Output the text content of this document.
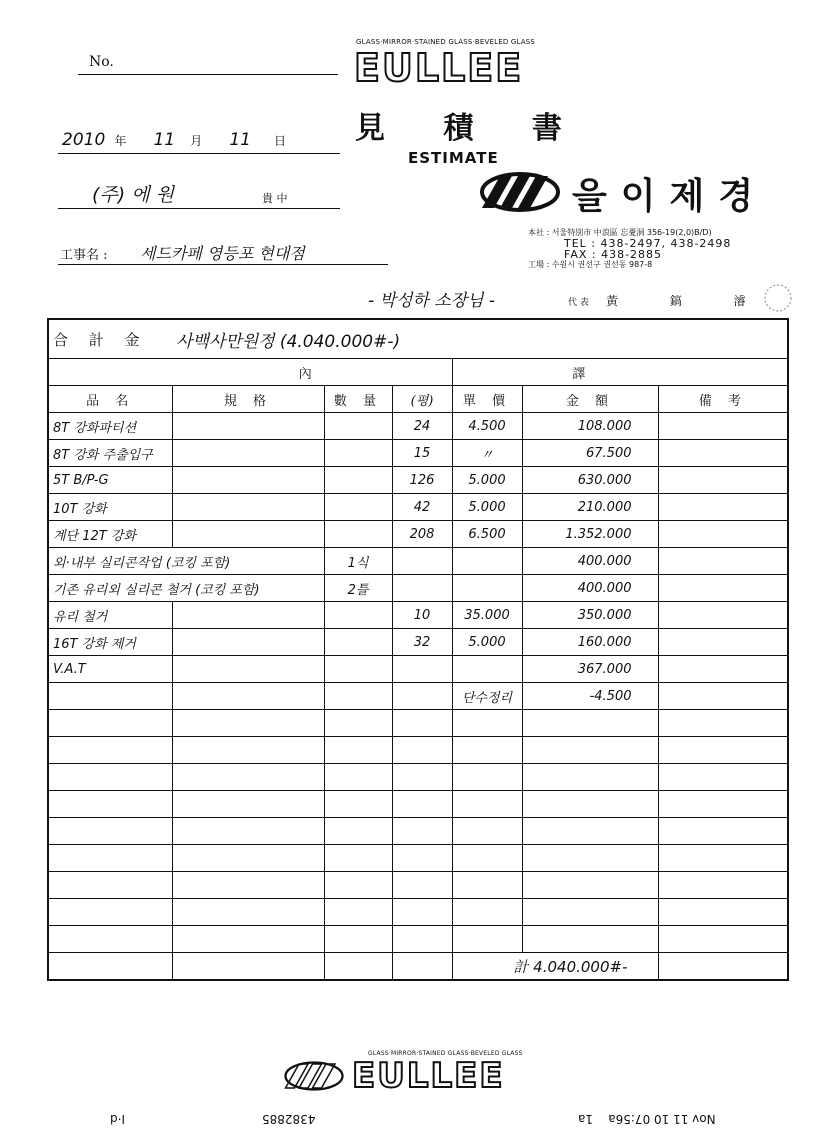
No.
2010 年 11 月 11 日
(주) 에 원	貴 中
工事名 : 세드카페 영등포 현대점
GLASS·MIRROR·STAINED GLASS·BEVELED GLASS
EULLEE
見 積 書
ESTIMATE
을이제경
本社 : 서울特別市 中浪區 忘憂洞 356-19(2,0)B/D)
TEL : 438-2497, 438-2498
FAX : 438-2885
工場 : 수원시 권선구 권선동 987-8
- 박성하 소장님 -	代 表 黃 鎬 濬
合 計 金	사백사만원정 (4.040.000#-)					
內				譯		
品 名	規 格	數 量	(평)	單 價	金 額	備 考
8T 강화파티션			24	4.500	108.000	
8T 강화 주출입구			15	〃	67.500	
5T B/P-G			126	5.000	630.000	
10T 강화			42	5.000	210.000	
계단 12T 강화			208	6.500	1.352.000	
외·내부 실리콘작업 (코킹 포함)		1식			400.000	
기존 유리외 실리콘 철거 (코킹 포함)		2틀			400.000	
유리 철거			10	35.000	350.000	
16T 강화 제거			32	5.000	160.000	
V.A.T					367.000	
				단수정리	-4.500	

				計 4.040.000#-		
GLASS·MIRROR·STAINED GLASS·BEVELED GLASS
EULLEE
I·d	4382885	Nov 11 10 07:56a    1a
